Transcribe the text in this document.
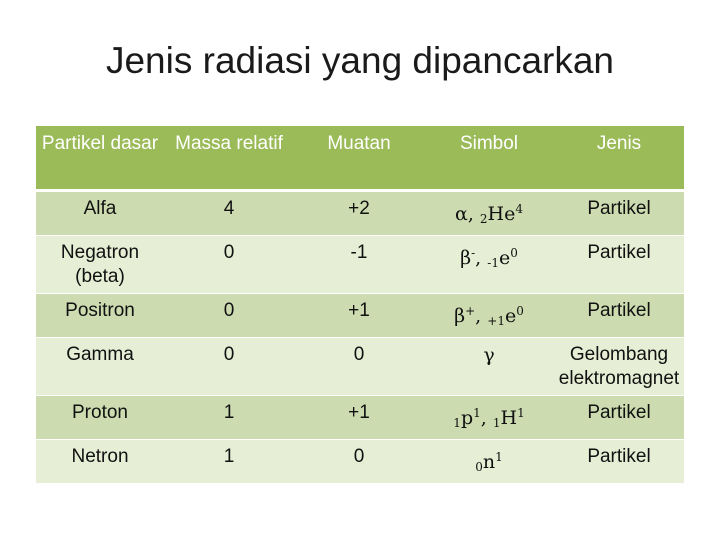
Jenis radiasi yang dipancarkan
Partikel dasar	Massa relatif	Muatan	Simbol	Jenis
Alfa	4	+2	α, $_2He^4$	Partikel
Negatron (beta)	0	-1	β-, $_{-1}e^0$	Partikel
Positron	0	+1	β+, $_{+1}e^0$	Partikel
Gamma	0	0	γ	Gelombang elektromagnet
Proton	1	+1	$_1p^1$, $_1H^1$	Partikel
Netron	1	0	$_0n^1$	Partikel
